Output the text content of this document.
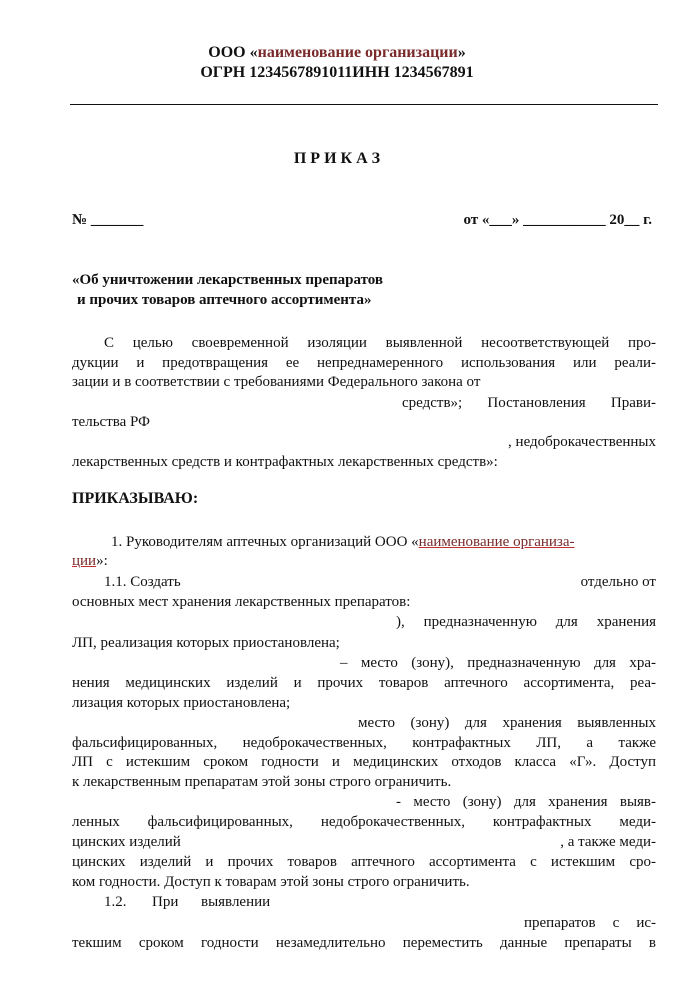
ООО «наименование организации»
ОГРН 1234567891011ИНН 1234567891
П Р И К А З
№ _______	от «___» ___________ 20__ г.
«Об уничтожении лекарственных препаратов
и прочих товаров аптечного ассортимента»
С целью своевременной изоляции выявленной несоответствующей про-
дукции и предотвращения ее непреднамеренного использования или реали-
зации и в соответствии с требованиями Федерального закона от
средств»; Постановления Прави-
тельства РФ
, недоброкачественных
лекарственных средств и контрафактных лекарственных средств»:
ПРИКАЗЫВАЮ:
1. Руководителям аптечных организаций ООО «наименование организа-
ции»:
1.1. Создать	отдельно от
основных мест хранения лекарственных препаратов:
), предназначенную для хранения
ЛП, реализация которых приостановлена;
– место (зону), предназначенную для хра-
нения медицинских изделий и прочих товаров аптечного ассортимента, реа-
лизация которых приостановлена;
место (зону) для хранения выявленных
фальсифицированных, недоброкачественных, контрафактных ЛП, а также
ЛП с истекшим сроком годности и медицинских отходов класса «Г». Доступ
к лекарственным препаратам этой зоны строго ограничить.
- место (зону) для хранения выяв-
ленных фальсифицированных, недоброкачественных, контрафактных меди-
цинских изделий	, а также меди-
цинских изделий и прочих товаров аптечного ассортимента с истекшим сро-
ком годности. Доступ к товарам этой зоны строго ограничить.
1.2. При выявлении
препаратов с ис-
текшим сроком годности незамедлительно переместить данные препараты в
